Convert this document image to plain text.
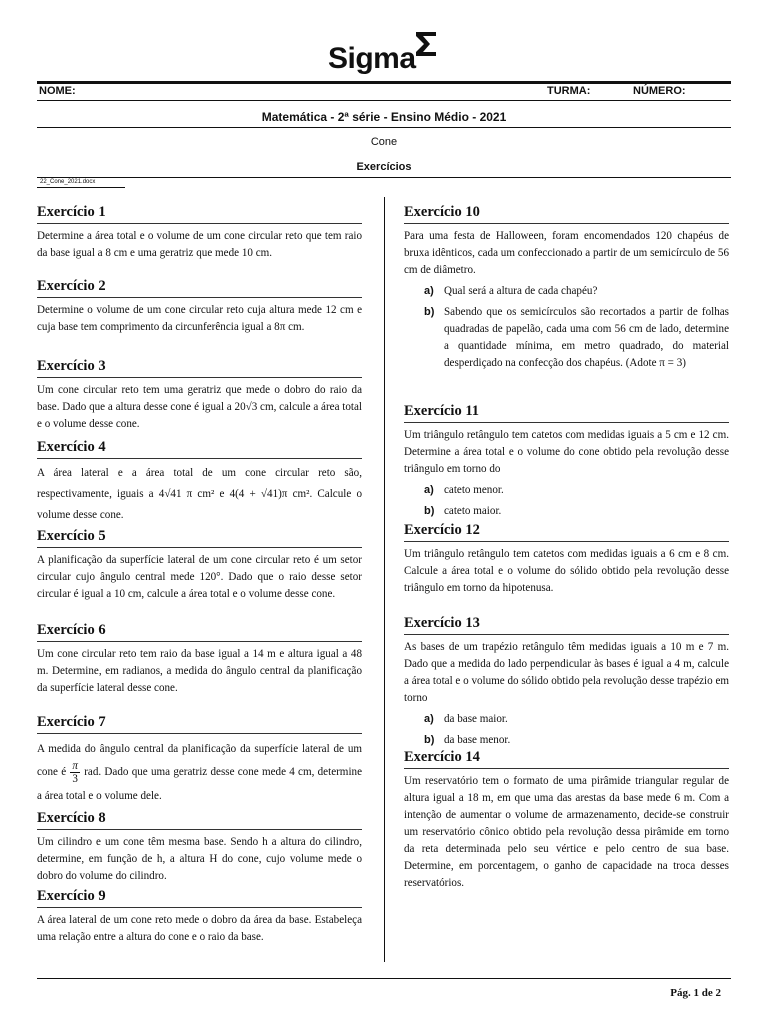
Sigma
NOME:	TURMA:	NÚMERO:
Matemática - 2ª série - Ensino Médio - 2021
Cone
Exercícios
22_Cone_2021.docx
Exercício 1

Determine a área total e o volume de um cone circular reto que tem raio da base igual a 8 cm e uma geratriz que mede 10 cm.

Exercício 2

Determine o volume de um cone circular reto cuja altura mede 12 cm e cuja base tem comprimento da circunferência igual a 8π cm.

Exercício 3

Um cone circular reto tem uma geratriz que mede o dobro do raio da base. Dado que a altura desse cone é igual a 20√3 cm, calcule a área total e o volume desse cone.

Exercício 4

A área lateral e a área total de um cone circular reto são, respectivamente, iguais a 4√41 π cm² e 4(4 + √41)π cm². Calcule o volume desse cone.

Exercício 5

A planificação da superfície lateral de um cone circular reto é um setor circular cujo ângulo central mede 120°. Dado que o raio desse setor circular é igual a 10 cm, calcule a área total e o volume desse cone.

Exercício 6

Um cone circular reto tem raio da base igual a 14 m e altura igual a 48 m. Determine, em radianos, a medida do ângulo central da planificação da superfície lateral desse cone.

Exercício 7

A medida do ângulo central da planificação da superfície lateral de um cone é $\frac{\pi}{3}$ rad. Dado que uma geratriz desse cone mede 4 cm, determine a área total e o volume dele.

Exercício 8

Um cilindro e um cone têm mesma base. Sendo h a altura do cilindro, determine, em função de h, a altura H do cone, cujo volume mede o dobro do volume do cilindro.

Exercício 9

A área lateral de um cone reto mede o dobro da área da base. Estabeleça uma relação entre a altura do cone e o raio da base.

Exercício 10

Para uma festa de Halloween, foram encomendados 120 chapéus de bruxa idênticos, cada um confeccionado a partir de um semicírculo de 56 cm de diâmetro.

a) Qual será a altura de cada chapéu?
b) Sabendo que os semicírculos são recortados a partir de folhas quadradas de papelão, cada uma com 56 cm de lado, determine a quantidade mínima, em metro quadrado, do material desperdiçado na confecção dos chapéus. (Adote π = 3)
Exercício 11

Um triângulo retângulo tem catetos com medidas iguais a 5 cm e 12 cm. Determine a área total e o volume do cone obtido pela revolução desse triângulo em torno do

a) cateto menor.
b) cateto maior.
Exercício 12

Um triângulo retângulo tem catetos com medidas iguais a 6 cm e 8 cm. Calcule a área total e o volume do sólido obtido pela revolução desse triângulo em torno da hipotenusa.

Exercício 13

As bases de um trapézio retângulo têm medidas iguais a 10 m e 7 m. Dado que a medida do lado perpendicular às bases é igual a 4 m, calcule a área total e o volume do sólido obtido pela revolução desse trapézio em torno

a) da base maior.
b) da base menor.
Exercício 14

Um reservatório tem o formato de uma pirâmide triangular regular de altura igual a 18 m, em que uma das arestas da base mede 6 m. Com a intenção de aumentar o volume de armazenamento, decide-se construir um reservatório cônico obtido pela revolução dessa pirâmide em torno da reta determinada pelo seu vértice e pelo centro de sua base. Determine, em porcentagem, o ganho de capacidade na troca desses reservatórios.

Pág. 1 de 2
